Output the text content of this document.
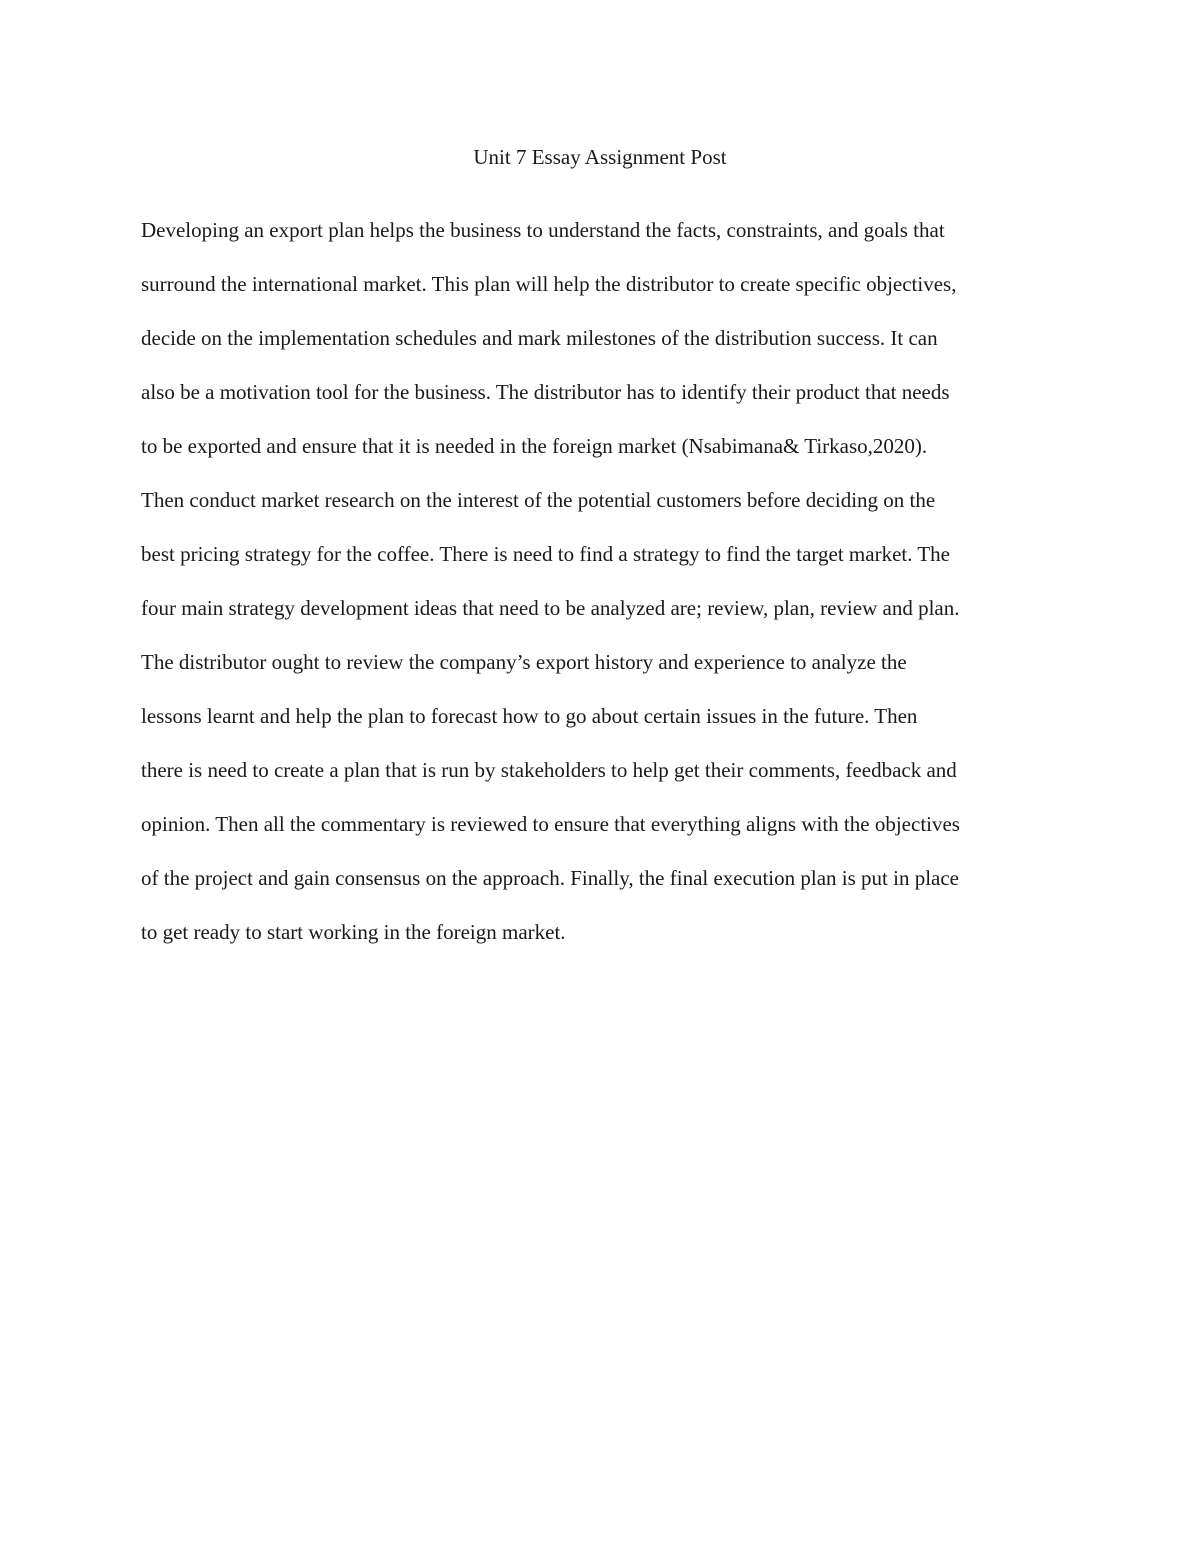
Unit 7 Essay Assignment Post
Developing an export plan helps the business to understand the facts, constraints, and goals that
surround the international market. This plan will help the distributor to create specific objectives,
decide on the implementation schedules and mark milestones of the distribution success. It can
also be a motivation tool for the business. The distributor has to identify their product that needs
to be exported and ensure that it is needed in the foreign market (Nsabimana& Tirkaso,2020).
Then conduct market research on the interest of the potential customers before deciding on the
best pricing strategy for the coffee. There is need to find a strategy to find the target market. The
four main strategy development ideas that need to be analyzed are; review, plan, review and plan.
The distributor ought to review the company’s export history and experience to analyze the
lessons learnt and help the plan to forecast how to go about certain issues in the future. Then
there is need to create a plan that is run by stakeholders to help get their comments, feedback and
opinion. Then all the commentary is reviewed to ensure that everything aligns with the objectives
of the project and gain consensus on the approach. Finally, the final execution plan is put in place
to get ready to start working in the foreign market.
